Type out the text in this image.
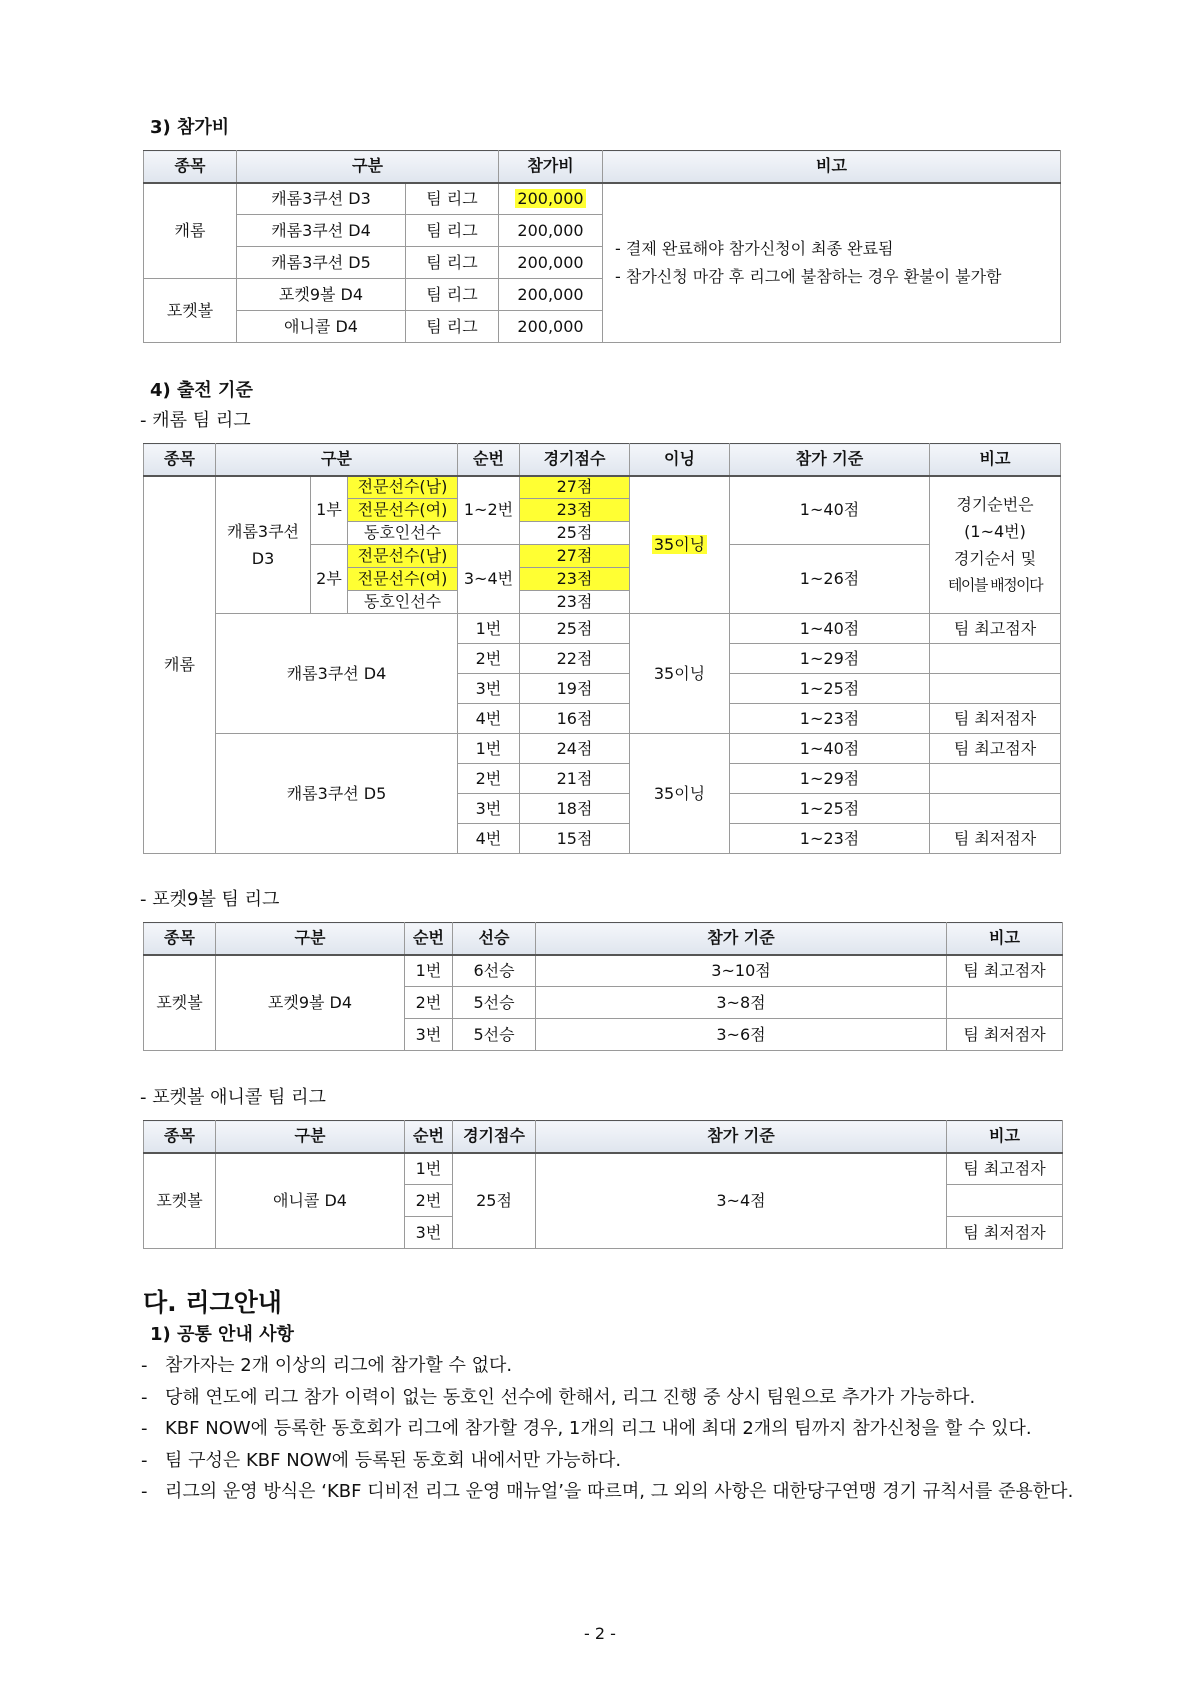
3) 참가비
종목	구분		참가비	비고
캐롬	캐롬3쿠션 D3	팀 리그	200,000	- 결제 완료해야 참가신청이 최종 완료됨
- 참가신청 마감 후 리그에 불참하는 경우 환불이 불가함

	캐롬3쿠션 D4	팀 리그	200,000	
	캐롬3쿠션 D5	팀 리그	200,000	
포켓볼	포켓9볼 D4	팀 리그	200,000	
	애니콜 D4	팀 리그	200,000	
4) 출전 기준
- 캐롬 팀 리그
종목	구분			순번	경기점수	이닝	참가 기준	비고
캐롬	캐롬3쿠션 D3	1부	전문선수(남)	1~2번	27점	35이닝	1~40점	경기순번은
(1~4번)
경기순서 및
테이블 배정이다

			전문선수(여)		23점			
			동호인선수		25점			
		2부	전문선수(남)	3~4번	27점		1~26점	
			전문선수(여)		23점			
			동호인선수		23점			
	캐롬3쿠션 D4			1번	25점	35이닝	1~40점	팀 최고점자
				2번	22점		1~29점	
				3번	19점		1~25점	
				4번	16점		1~23점	팀 최저점자
	캐롬3쿠션 D5			1번	24점	35이닝	1~40점	팀 최고점자
				2번	21점		1~29점	
				3번	18점		1~25점	
				4번	15점		1~23점	팀 최저점자
- 포켓9볼 팀 리그
종목	구분	순번	선승	참가 기준	비고
포켓볼	포켓9볼 D4	1번	6선승	3~10점	팀 최고점자
		2번	5선승	3~8점	
		3번	5선승	3~6점	팀 최저점자
- 포켓볼 애니콜 팀 리그
종목	구분	순번	경기점수	참가 기준	비고
포켓볼	애니콜 D4	1번	25점	3~4점	팀 최고점자
		2번			
		3번			팀 최저점자
다. 리그안내
1) 공통 안내 사항
- 참가자는 2개 이상의 리그에 참가할 수 없다.
- 당해 연도에 리그 참가 이력이 없는 동호인 선수에 한해서, 리그 진행 중 상시 팀원으로 추가가 가능하다.
- KBF NOW에 등록한 동호회가 리그에 참가할 경우, 1개의 리그 내에 최대 2개의 팀까지 참가신청을 할 수 있다.
- 팀 구성은 KBF NOW에 등록된 동호회 내에서만 가능하다.
- 리그의 운영 방식은 ‘KBF 디비전 리그 운영 매뉴얼’을 따르며, 그 외의 사항은 대한당구연맹 경기 규칙서를 준용한다.
- 2 -
